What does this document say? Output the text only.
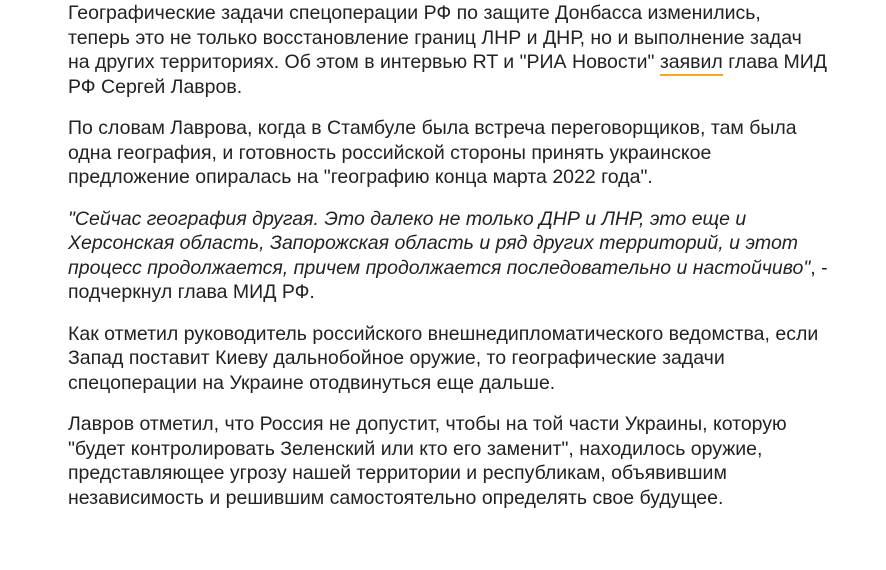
Географические задачи спецоперации РФ по защите Донбасса изменились, теперь это не только восстановление границ ЛНР и ДНР, но и выполнение задач на других территориях. Об этом в интервью RT и "РИА Новости" заявил глава МИД РФ Сергей Лавров.

По словам Лаврова, когда в Стамбуле была встреча переговорщиков, там была одна география, и готовность российской стороны принять украинское предложение опиралась на "географию конца марта 2022 года".

"Сейчас география другая. Это далеко не только ДНР и ЛНР, это еще и Херсонская область, Запорожская область и ряд других территорий, и этот процесс продолжается, причем продолжается последовательно и настойчиво", - подчеркнул глава МИД РФ.

Как отметил руководитель российского внешнедипломатического ведомства, если Запад поставит Киеву дальнобойное оружие, то географические задачи спецоперации на Украине отодвинуться еще дальше.

Лавров отметил, что Россия не допустит, чтобы на той части Украины, которую "будет контролировать Зеленский или кто его заменит", находилось оружие, представляющее угрозу нашей территории и республикам, объявившим независимость и решившим самостоятельно определять свое будущее.
